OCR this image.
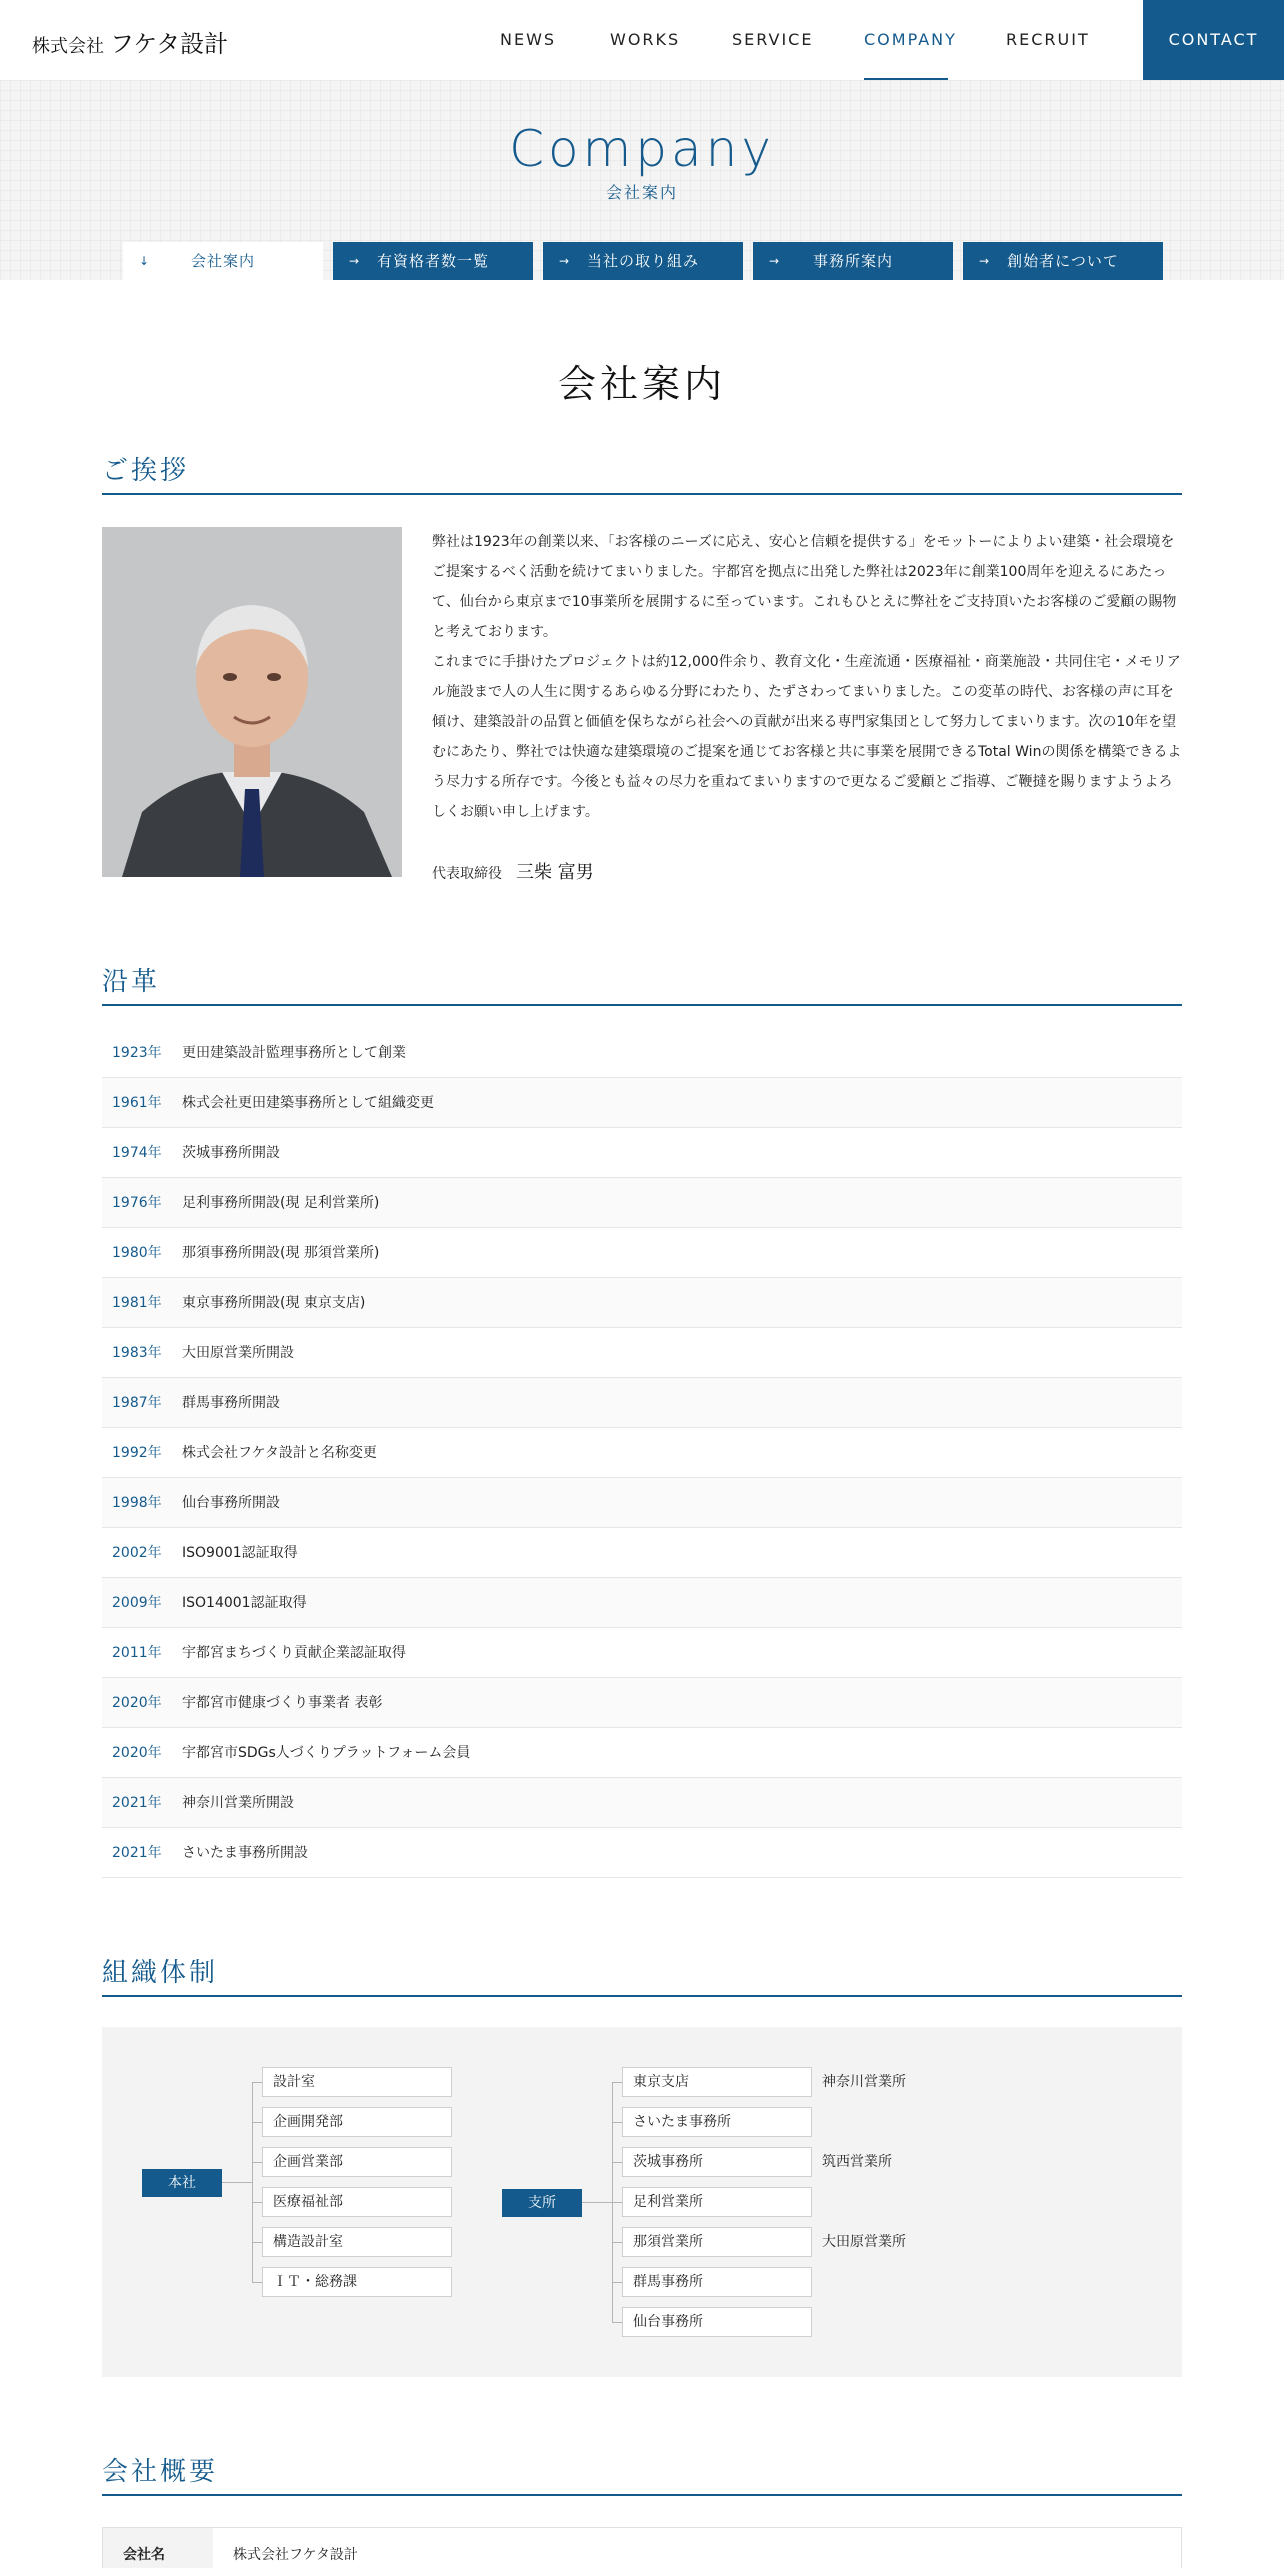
株式会社 フケタ設計	NEWS	WORKS	SERVICE	COMPANY	RECRUIT	CONTACT
Company
会社案内
↓	会社案内	→ 有資格者数一覧	→ 当社の取り組み	→ 事務所案内	→ 創始者について
会社案内
ご挨拶

弊社は1923年の創業以来、「お客様のニーズに応え、安心と信頼を提供する」をモットーによりよい建築・社会環境をご提案するべく活動を続けてまいりました。宇都宮を拠点に出発した弊社は2023年に創業100周年を迎えるにあたって、仙台から東京まで10事業所を展開するに至っています。これもひとえに弊社をご支持頂いたお客様のご愛顧の賜物と考えております。

これまでに手掛けたプロジェクトは約12,000件余り、教育文化・生産流通・医療福祉・商業施設・共同住宅・メモリアル施設まで人の人生に関するあらゆる分野にわたり、たずさわってまいりました。この変革の時代、お客様の声に耳を傾け、建築設計の品質と価値を保ちながら社会への貢献が出来る専門家集団として努力してまいります。次の10年を望むにあたり、弊社では快適な建築環境のご提案を通じてお客様と共に事業を展開できるTotal Winの関係を構築できるよう尽力する所存です。今後とも益々の尽力を重ねてまいりますので更なるご愛顧とご指導、ご鞭撻を賜りますようよろしくお願い申し上げます。

代表取締役 三柴 富男
沿革
1923年 更田建築設計監理事務所として創業
1961年 株式会社更田建築事務所として組織変更
1974年 茨城事務所開設
1976年 足利事務所開設(現 足利営業所)
1980年 那須事務所開設(現 那須営業所)
1981年 東京事務所開設(現 東京支店)
1983年 大田原営業所開設
1987年 群馬事務所開設
1992年 株式会社フケタ設計と名称変更
1998年 仙台事務所開設
2002年 ISO9001認証取得
2009年 ISO14001認証取得
2011年 宇都宮まちづくり貢献企業認証取得
2020年 宇都宮市健康づくり事業者 表彰
2020年 宇都宮市SDGs人づくりプラットフォーム会員
2021年 神奈川営業所開設
2021年 さいたま事務所開設
組織体制
本社
支所
設計室
企画開発部
企画営業部
医療福祉部
構造設計室
ＩＴ・総務課
東京支店	神奈川営業所
さいたま事務所
茨城事務所	筑西営業所
足利営業所
那須営業所	大田原営業所
群馬事務所
仙台事務所
会社概要
会社名	株式会社フケタ設計
